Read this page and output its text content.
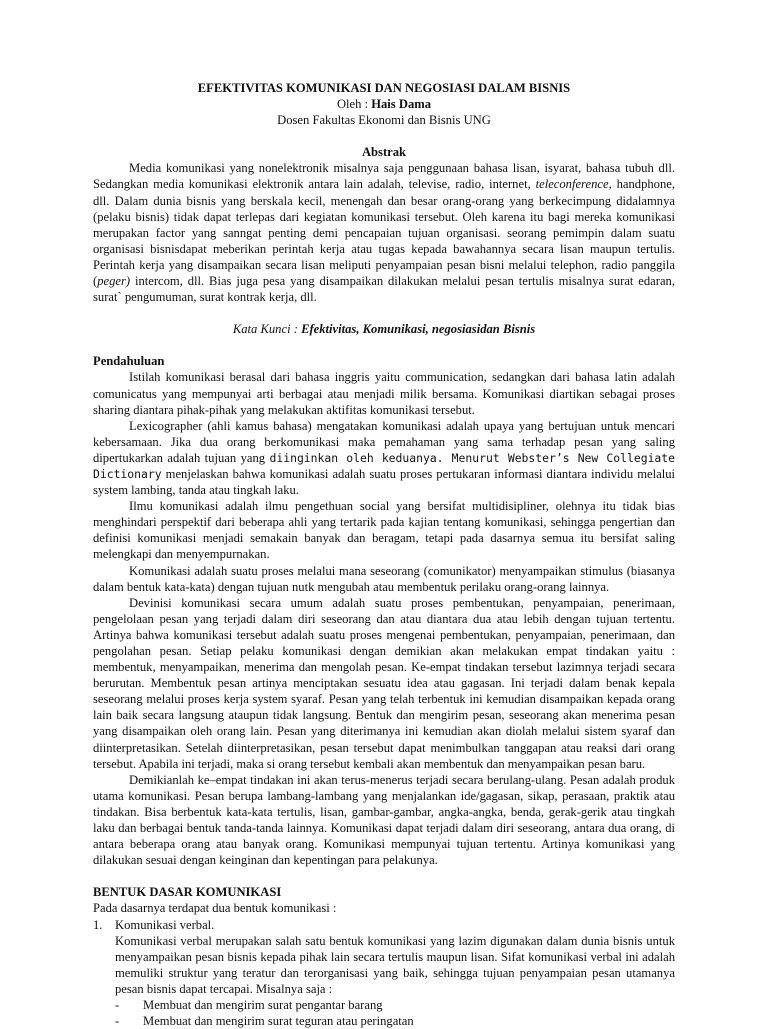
EFEKTIVITAS KOMUNIKASI DAN NEGOSIASI DALAM BISNIS
Oleh : Hais Dama
Dosen Fakultas Ekonomi dan Bisnis UNG
Abstrak

Media komunikasi yang nonelektronik misalnya saja penggunaan bahasa lisan, isyarat, bahasa tubuh dll. Sedangkan media komunikasi elektronik antara lain adalah, televise, radio, internet, teleconference, handphone, dll. Dalam dunia bisnis yang berskala kecil, menengah dan besar orang-orang yang berkecimpung didalamnya (pelaku bisnis) tidak dapat terlepas dari kegiatan komunikasi tersebut. Oleh karena itu bagi mereka komunikasi merupakan factor yang sanngat penting demi pencapaian tujuan organisasi. seorang pemimpin dalam suatu organisasi bisnisdapat meberikan perintah kerja atau tugas kepada bawahannya secara lisan maupun tertulis. Perintah kerja yang disampaikan secara lisan meliputi penyampaian pesan bisni melalui telephon, radio panggila (peger) intercom, dll. Bias juga pesa yang disampaikan dilakukan melalui pesan tertulis misalnya surat edaran, surat` pengumuman, surat kontrak kerja, dll.

Kata Kunci : Efektivitas, Komunikasi, negosiasidan Bisnis
Pendahuluan

Istilah komunikasi berasal dari bahasa inggris yaitu communication, sedangkan dari bahasa latin adalah comunicatus yang mempunyai arti berbagai atau menjadi milik bersama. Komunikasi diartikan sebagai proses sharing diantara pihak-pihak yang melakukan aktifitas komunikasi tersebut.

Lexicographer (ahli kamus bahasa) mengatakan komunikasi adalah upaya yang bertujuan untuk mencari kebersamaan. Jika dua orang berkomunikasi maka pemahaman yang sama terhadap pesan yang saling dipertukarkan adalah tujuan yang diinginkan oleh keduanya. Menurut Webster’s New Collegiate Dictionary menjelaskan bahwa komunikasi adalah suatu proses pertukaran informasi diantara individu melalui system lambing, tanda atau tingkah laku.

Ilmu komunikasi adalah ilmu pengethuan social yang bersifat multidisipliner, olehnya itu tidak bias menghindari perspektif dari beberapa ahli yang tertarik pada kajian tentang komunikasi, sehingga pengertian dan definisi komunikasi menjadi semakain banyak dan beragam, tetapi pada dasarnya semua itu bersifat saling melengkapi dan menyempurnakan.

Komunikasi adalah suatu proses melalui mana seseorang (comunikator) menyampaikan stimulus (biasanya dalam bentuk kata-kata) dengan tujuan nutk mengubah atau membentuk perilaku orang-orang lainnya.

Devinisi komunikasi secara umum adalah suatu proses pembentukan, penyampaian, penerimaan, pengelolaan pesan yang terjadi dalam diri seseorang dan atau diantara dua atau lebih dengan tujuan tertentu. Artinya bahwa komunikasi tersebut adalah suatu proses mengenai pembentukan, penyampaian, penerimaan, dan pengolahan pesan. Setiap pelaku komunikasi dengan demikian akan melakukan empat tindakan yaitu : membentuk, menyampaikan, menerima dan mengolah pesan. Ke-empat tindakan tersebut lazimnya terjadi secara berurutan. Membentuk pesan artinya menciptakan sesuatu idea atau gagasan. Ini terjadi dalam benak kepala seseorang melalui proses kerja system syaraf. Pesan yang telah terbentuk ini kemudian disampaikan kepada orang lain baik secara langsung ataupun tidak langsung. Bentuk dan mengirim pesan, seseorang akan menerima pesan yang disampaikan oleh orang lain. Pesan yang diterimanya ini kemudian akan diolah melalui sistem syaraf dan diinterpretasikan. Setelah diinterpretasikan, pesan tersebut dapat menimbulkan tanggapan atau reaksi dari orang tersebut. Apabila ini terjadi, maka si orang tersebut kembali akan membentuk dan menyampaikan pesan baru.

Demikianlah ke–empat tindakan ini akan terus-menerus terjadi secara berulang-ulang. Pesan adalah produk utama komunikasi. Pesan berupa lambang-lambang yang menjalankan ide/gagasan, sikap, perasaan, praktik atau tindakan. Bisa berbentuk kata-kata tertulis, lisan, gambar-gambar, angka-angka, benda, gerak-gerik atau tingkah laku dan berbagai bentuk tanda-tanda lainnya. Komunikasi dapat terjadi dalam diri seseorang, antara dua orang, di antara beberapa orang atau banyak orang. Komunikasi mempunyai tujuan tertentu. Artinya komunikasi yang dilakukan sesuai dengan keinginan dan kepentingan para pelakunya.

BENTUK DASAR KOMUNIKASI

Pada dasarnya terdapat dua bentuk komunikasi :

1. Komunikasi verbal.

Komunikasi verbal merupakan salah satu bentuk komunikasi yang lazim digunakan dalam dunia bisnis untuk menyampaikan pesan bisnis kepada pihak lain secara tertulis maupun lisan. Sifat komunikasi verbal ini adalah memuliki struktur yang teratur dan terorganisasi yang baik, sehingga tujuan penyampaian pesan utamanya pesan bisnis dapat tercapai. Misalnya saja :

-	Membuat dan mengirim surat pengantar barang
-	Membuat dan mengirim surat teguran atau peringatan
